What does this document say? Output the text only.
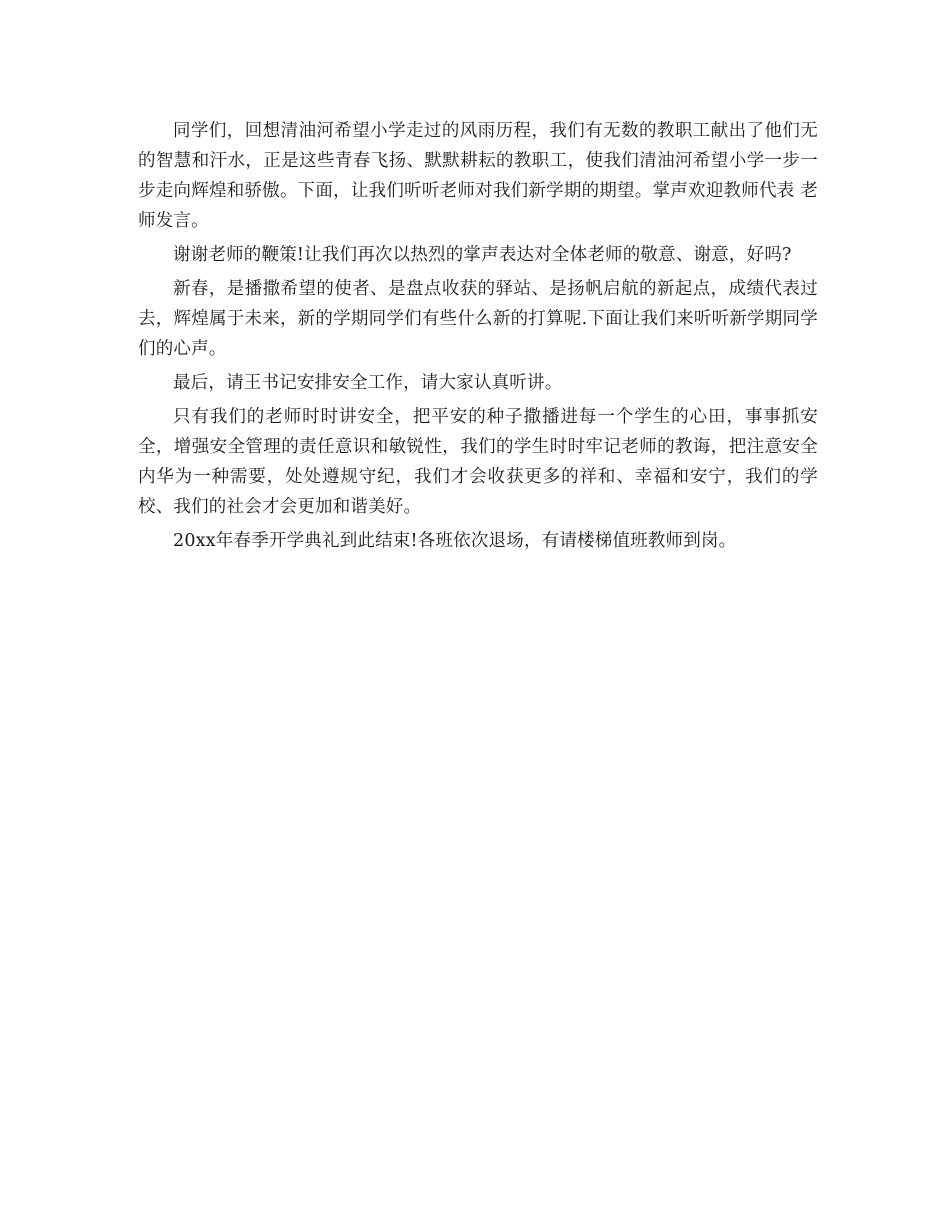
同学们，回想清油河希望小学走过的风雨历程，我们有无数的教职工献出了他们无的智慧和汗水，正是这些青春飞扬、默默耕耘的教职工，使我们清油河希望小学一步一步走向辉煌和骄傲。下面，让我们听听老师对我们新学期的期望。掌声欢迎教师代表 老师发言。

谢谢老师的鞭策!让我们再次以热烈的掌声表达对全体老师的敬意、谢意，好吗?

新春，是播撒希望的使者、是盘点收获的驿站、是扬帆启航的新起点，成绩代表过去，辉煌属于未来，新的学期同学们有些什么新的打算呢.下面让我们来听听新学期同学们的心声。

最后，请王书记安排安全工作，请大家认真听讲。

只有我们的老师时时讲安全，把平安的种子撒播进每一个学生的心田，事事抓安全，增强安全管理的责任意识和敏锐性，我们的学生时时牢记老师的教诲，把注意安全内华为一种需要，处处遵规守纪，我们才会收获更多的祥和、幸福和安宁，我们的学校、我们的社会才会更加和谐美好。

20xx年春季开学典礼到此结束!各班依次退场，有请楼梯值班教师到岗。
